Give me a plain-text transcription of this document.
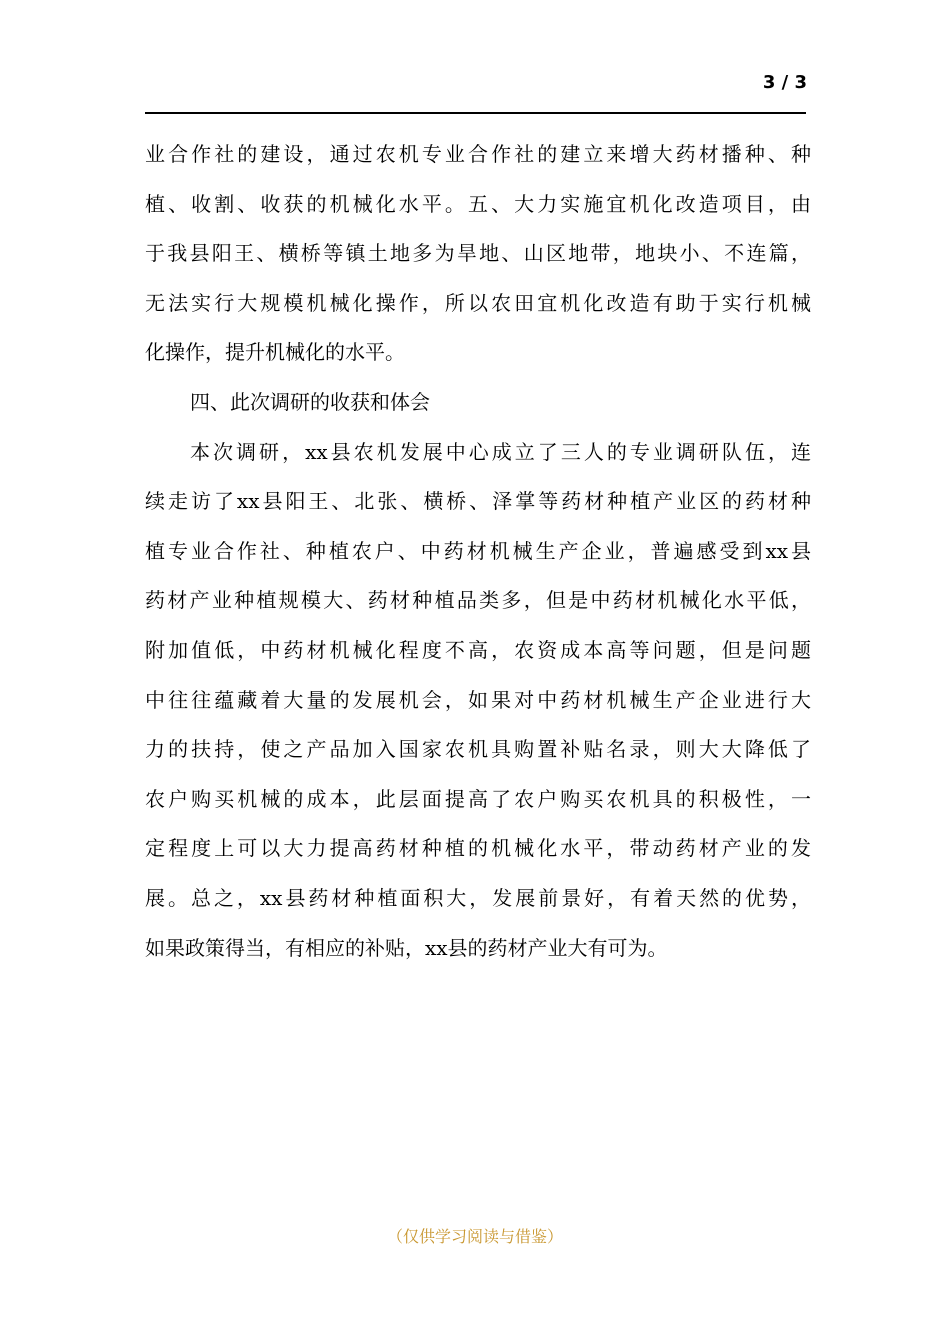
3 / 3
业合作社的建设，通过农机专业合作社的建立来增大药材播种、种
植、收割、收获的机械化水平。五、大力实施宜机化改造项目，由
于我县阳王、横桥等镇土地多为旱地、山区地带，地块小、不连篇，
无法实行大规模机械化操作，所以农田宜机化改造有助于实行机械
化操作，提升机械化的水平。
四、此次调研的收获和体会
本次调研，xx县农机发展中心成立了三人的专业调研队伍，连
续走访了xx县阳王、北张、横桥、泽掌等药材种植产业区的药材种
植专业合作社、种植农户、中药材机械生产企业，普遍感受到xx县
药材产业种植规模大、药材种植品类多，但是中药材机械化水平低，
附加值低，中药材机械化程度不高，农资成本高等问题，但是问题
中往往蕴藏着大量的发展机会，如果对中药材机械生产企业进行大
力的扶持，使之产品加入国家农机具购置补贴名录，则大大降低了
农户购买机械的成本，此层面提高了农户购买农机具的积极性，一
定程度上可以大力提高药材种植的机械化水平，带动药材产业的发
展。总之，xx县药材种植面积大，发展前景好，有着天然的优势，
如果政策得当，有相应的补贴，xx县的药材产业大有可为。
（仅供学习阅读与借鉴）
